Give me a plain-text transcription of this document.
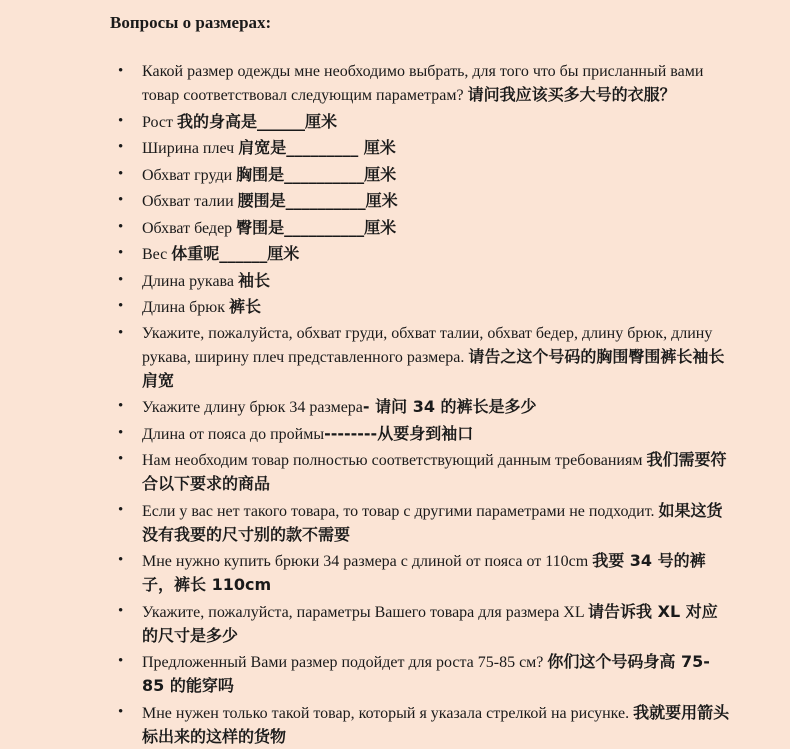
Вопросы о размерах:
• Какой размер одежды мне необходимо выбрать, для того что бы присланный вами товар соответствовал следующим параметрам? 请问我应该买多大号的衣服？
• Рост 我的身高是______厘米
• Ширина плеч 肩宽是_________ 厘米
• Обхват груди 胸围是__________厘米
• Обхват талии 腰围是__________厘米
• Обхват бедер 臀围是__________厘米
• Вес 体重呢______厘米
• Длина рукава 袖长
• Длина брюк 裤长
• Укажите, пожалуйста, обхват груди, обхват талии, обхват бедер, длину брюк, длину рукава, ширину плеч представленного размера. 请告之这个号码的胸围臀围裤长袖长肩宽
• Укажите длину брюк 34 размера- 请问 34 的裤长是多少
• Длина от пояса до проймы--------从要身到袖口
• Нам необходим товар полностью соответствующий данным требованиям 我们需要符合以下要求的商品
• Если у вас нет такого товара, то товар с другими параметрами не подходит. 如果这货没有我要的尺寸别的款不需要
• Мне нужно купить брюки 34 размера с длиной от пояса от 110cm 我要 34 号的裤子，裤长 110cm
• Укажите, пожалуйста, параметры Вашего товара для размера XL 请告诉我 XL 对应的尺寸是多少
• Предложенный Вами размер подойдет для роста 75-85 см? 你们这个号码身高 75-85 的能穿吗
• Мне нужен только такой товар, который я указала стрелкой на рисунке. 我就要用箭头标出来的这样的货物
